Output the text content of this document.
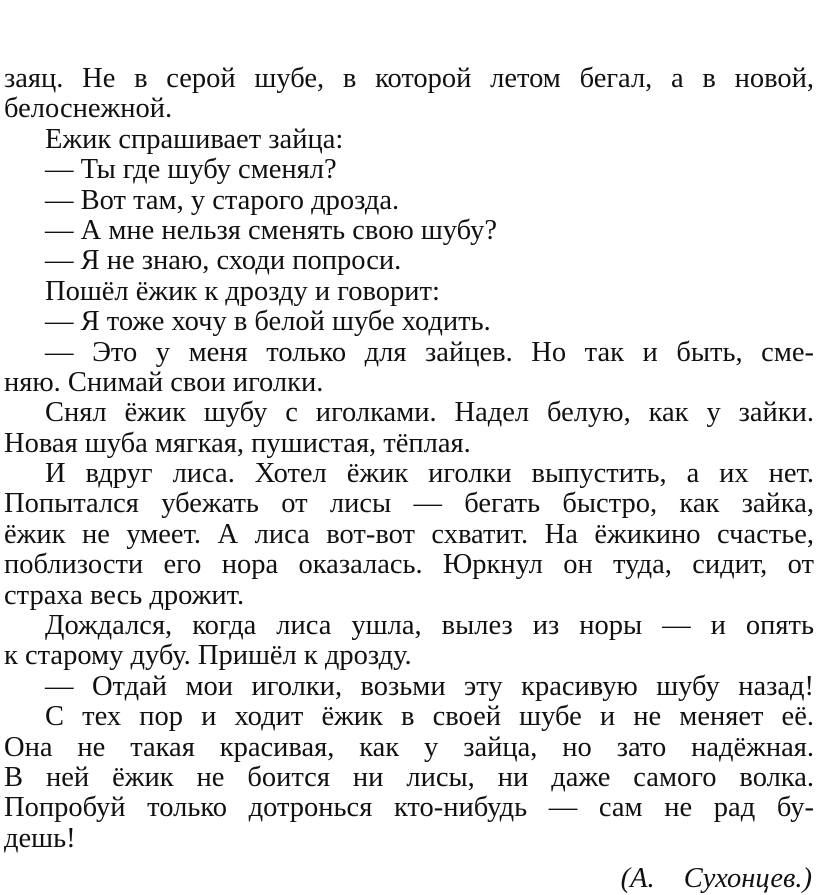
заяц. Не в серой шубе, в которой летом бегал, а в новой,
белоснежной.
Ежик спрашивает зайца:
— Ты где шубу сменял?
— Вот там, у старого дрозда.
— А мне нельзя сменять свою шубу?
— Я не знаю, сходи попроси.
Пошёл ёжик к дрозду и говорит:
— Я тоже хочу в белой шубе ходить.
— Это у меня только для зайцев. Но так и быть, сме-
няю. Снимай свои иголки.
Снял ёжик шубу с иголками. Надел белую, как у зайки.
Новая шуба мягкая, пушистая, тёплая.
И вдруг лиса. Хотел ёжик иголки выпустить, а их нет.
Попытался убежать от лисы — бегать быстро, как зайка,
ёжик не умеет. А лиса вот-вот схватит. На ёжикино счастье,
поблизости его нора оказалась. Юркнул он туда, сидит, от
страха весь дрожит.
Дождался, когда лиса ушла, вылез из норы — и опять
к старому дубу. Пришёл к дрозду.
— Отдай мои иголки, возьми эту красивую шубу назад!
С тех пор и ходит ёжик в своей шубе и не меняет её.
Она не такая красивая, как у зайца, но зато надёжная.
В ней ёжик не боится ни лисы, ни даже самого волка.
Попробуй только дотронься кто-нибудь — сам не рад бу-
дешь!
(А. Сухонцев.)
